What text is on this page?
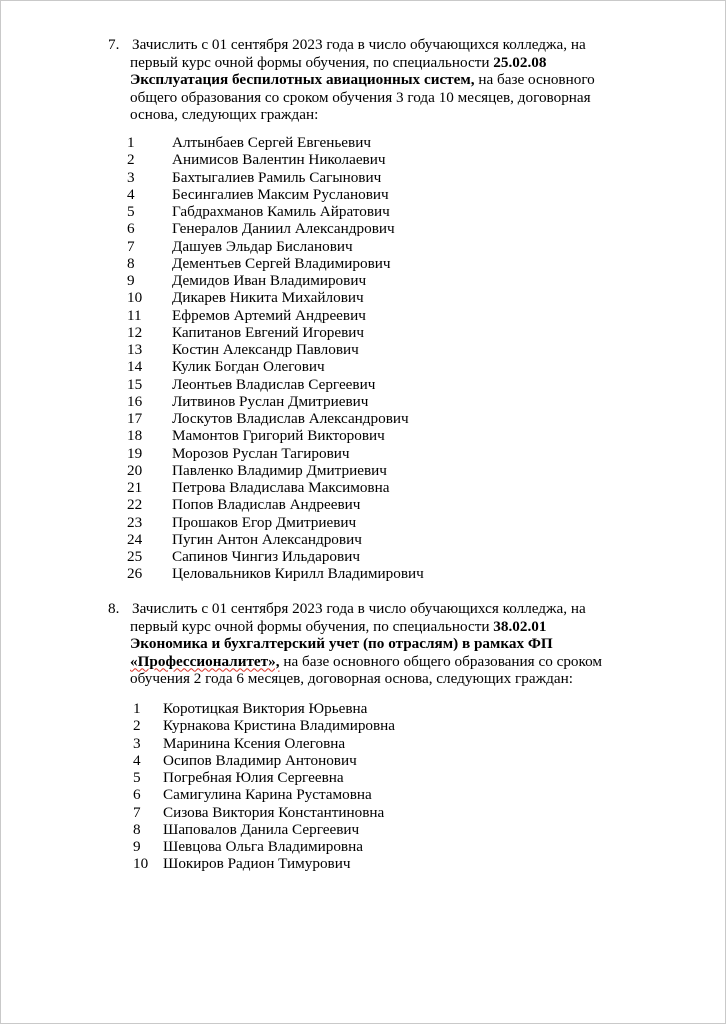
7. Зачислить с 01 сентября 2023 года в число обучающихся колледжа, на
первый курс очной формы обучения, по специальности 25.02.08
Эксплуатация беспилотных авиационных систем, на базе основного
общего образования со сроком обучения 3 года 10 месяцев, договорная
основа, следующих граждан:
1 Алтынбаев Сергей Евгеньевич
2 Анимисов Валентин Николаевич
3 Бахтыгалиев Рамиль Сагынович
4 Бесингалиев Максим Русланович
5 Габдрахманов Камиль Айратович
6 Генералов Даниил Александрович
7 Дашуев Эльдар Бисланович
8 Дементьев Сергей Владимирович
9 Демидов Иван Владимирович
10 Дикарев Никита Михайлович
11 Ефремов Артемий Андреевич
12 Капитанов Евгений Игоревич
13 Костин Александр Павлович
14 Кулик Богдан Олегович
15 Леонтьев Владислав Сергеевич
16 Литвинов Руслан Дмитриевич
17 Лоскутов Владислав Александрович
18 Мамонтов Григорий Викторович
19 Морозов Руслан Тагирович
20 Павленко Владимир Дмитриевич
21 Петрова Владислава Максимовна
22 Попов Владислав Андреевич
23 Прошаков Егор Дмитриевич
24 Пугин Антон Александрович
25 Сапинов Чингиз Ильдарович
26 Целовальников Кирилл Владимирович
8. Зачислить с 01 сентября 2023 года в число обучающихся колледжа, на
первый курс очной формы обучения, по специальности 38.02.01
Экономика и бухгалтерский учет (по отраслям) в рамках ФП
«Профессионалитет», на базе основного общего образования со сроком
обучения 2 года 6 месяцев, договорная основа, следующих граждан:
1 Коротицкая Виктория Юрьевна
2 Курнакова Кристина Владимировна
3 Маринина Ксения Олеговна
4 Осипов Владимир Антонович
5 Погребная Юлия Сергеевна
6 Самигулина Карина Рустамовна
7 Сизова Виктория Константиновна
8 Шаповалов Данила Сергеевич
9 Шевцова Ольга Владимировна
10 Шокиров Радион Тимурович
